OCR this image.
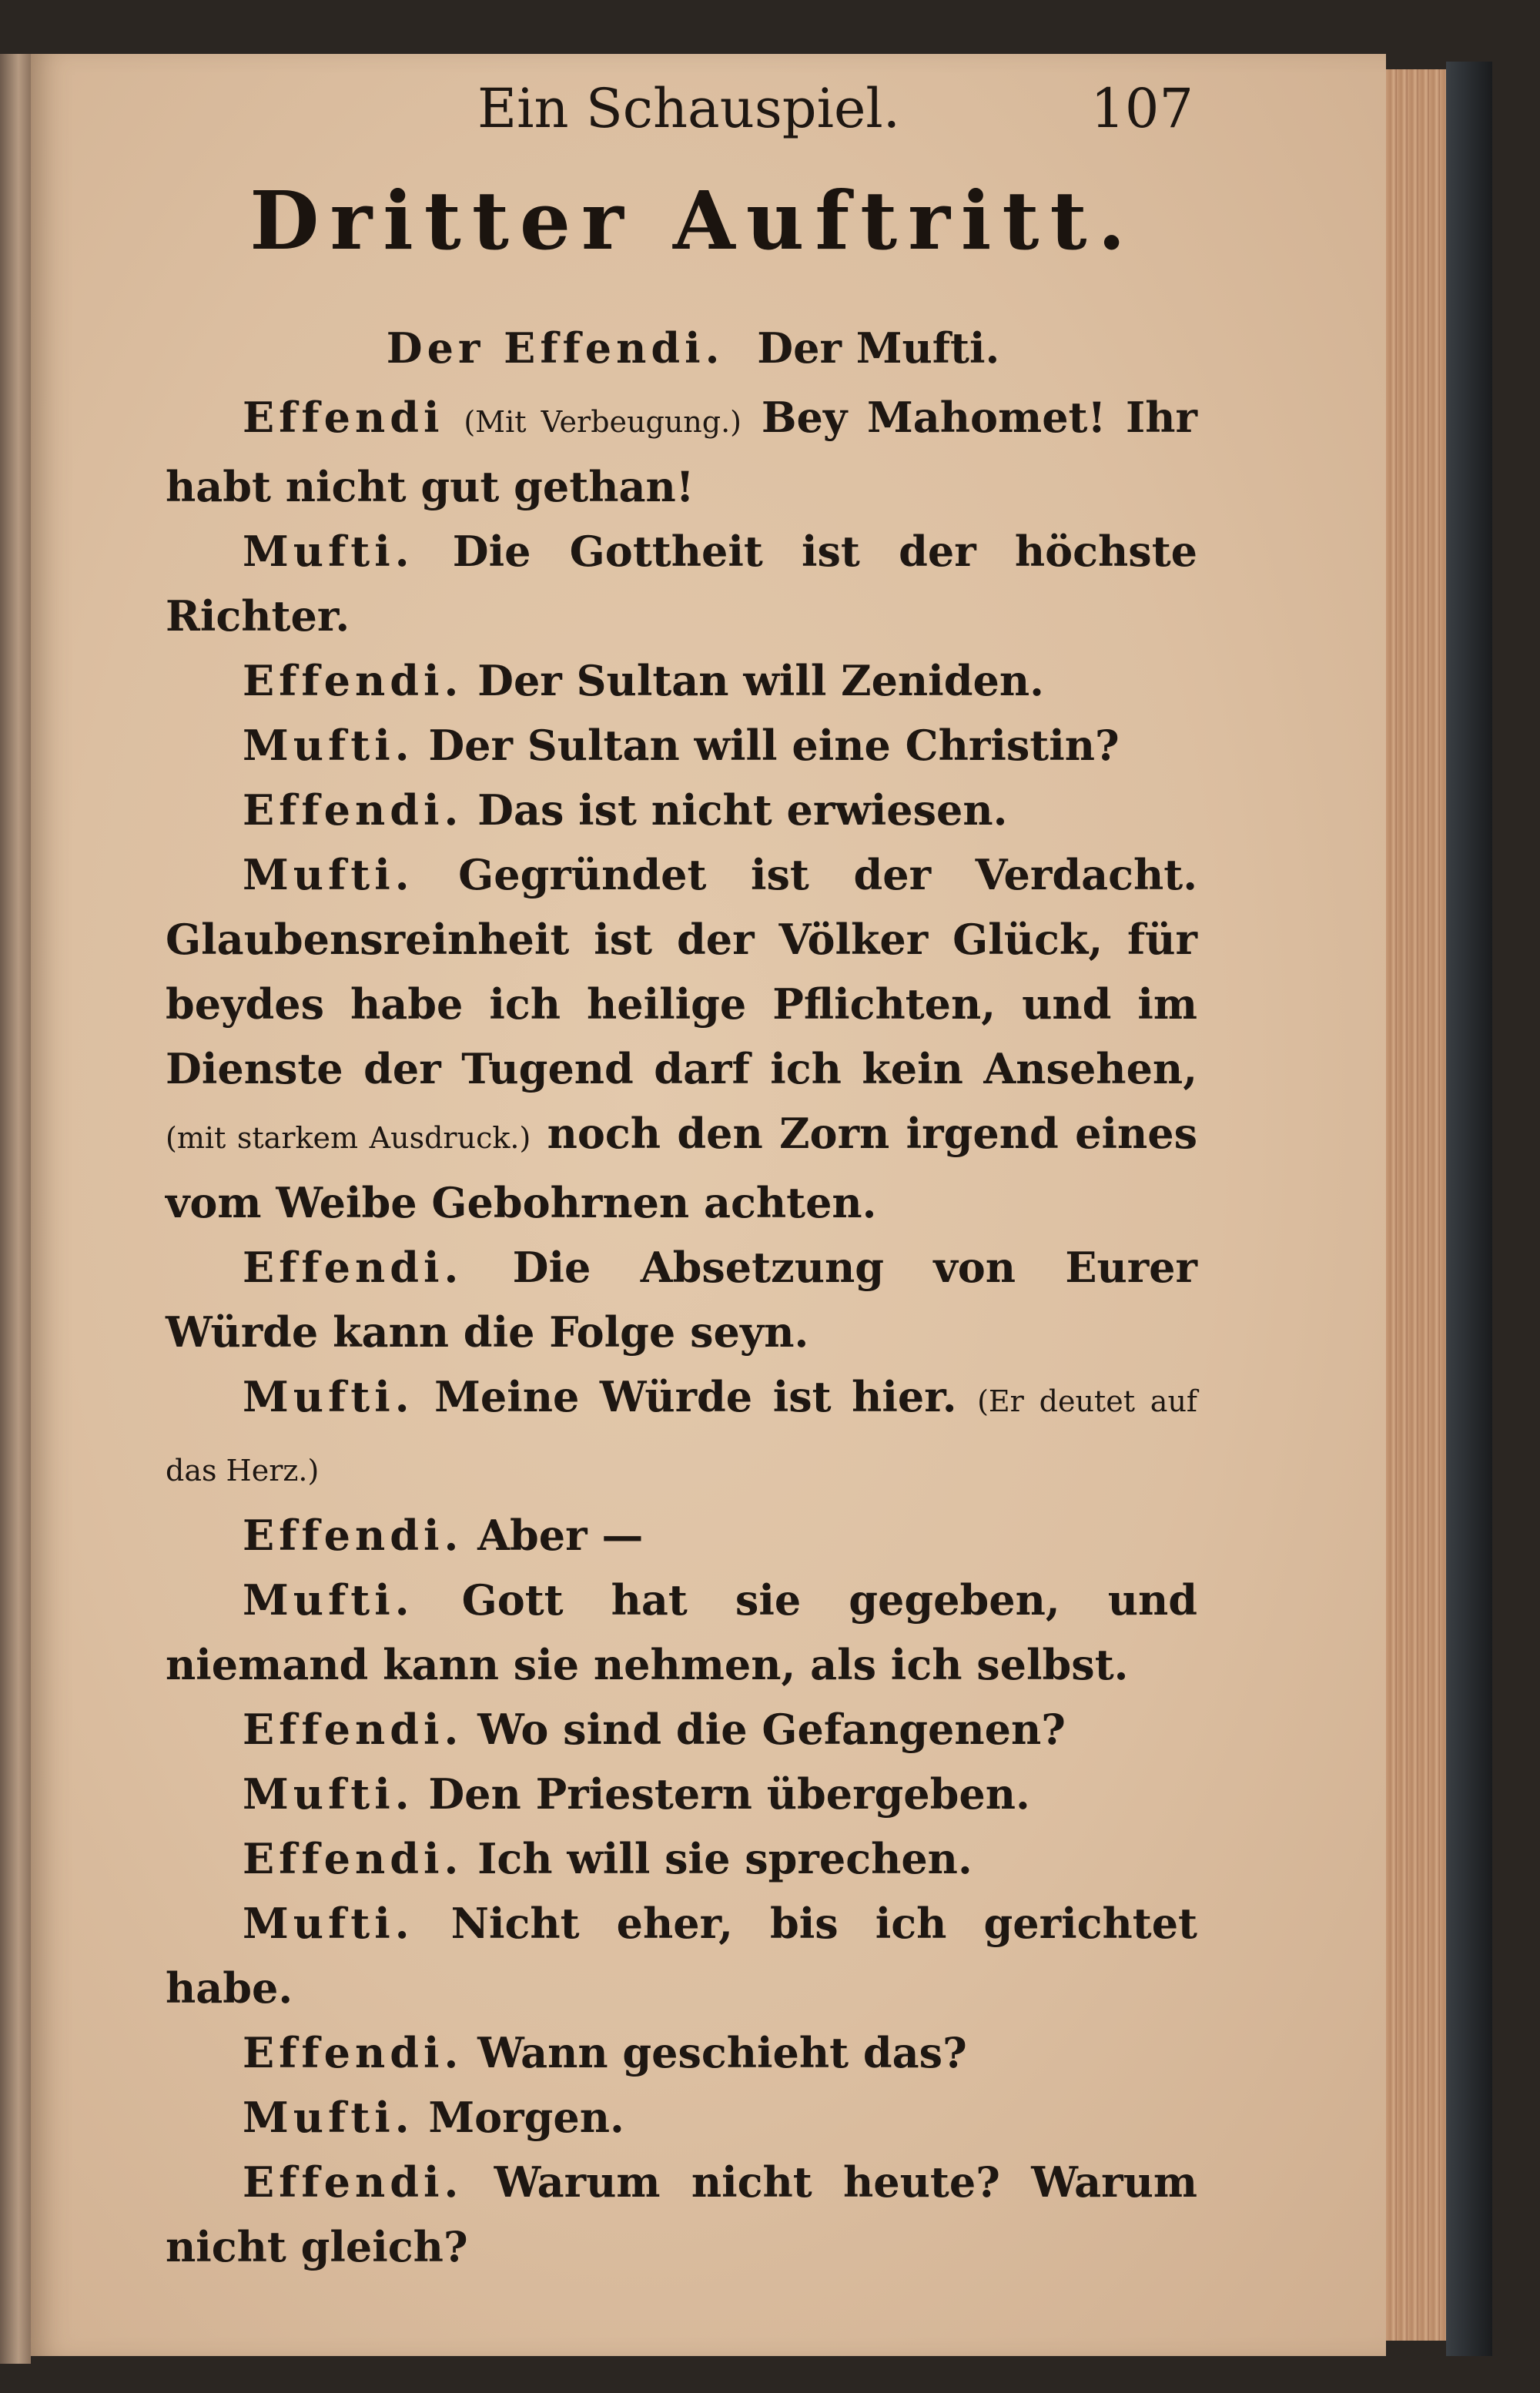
Ein Schauspiel.	107
Dritter Auftritt.
Der Effendi. Der Mufti.

Effendi (Mit Verbeugung.) Bey Mahomet! Ihr habt nicht gut gethan!

Mufti. Die Gottheit ist der höchste Richter.

Effendi. Der Sultan will Zeniden.

Mufti. Der Sultan will eine Christin?

Effendi. Das ist nicht erwiesen.

Mufti. Gegründet ist der Verdacht. Glaubensreinheit ist der Völker Glück, für beydes habe ich heilige Pflichten, und im Dienste der Tugend darf ich kein Ansehen, (mit starkem Ausdruck.) noch den Zorn irgend eines vom Weibe Gebohrnen achten.

Effendi. Die Absetzung von Eurer Würde kann die Folge seyn.

Mufti. Meine Würde ist hier. (Er deutet auf das Herz.)

Effendi. Aber —

Mufti. Gott hat sie gegeben, und niemand kann sie nehmen, als ich selbst.

Effendi. Wo sind die Gefangenen?

Mufti. Den Priestern übergeben.

Effendi. Ich will sie sprechen.

Mufti. Nicht eher, bis ich gerichtet habe.

Effendi. Wann geschieht das?

Mufti. Morgen.

Effendi. Warum nicht heute? Warum nicht gleich?
